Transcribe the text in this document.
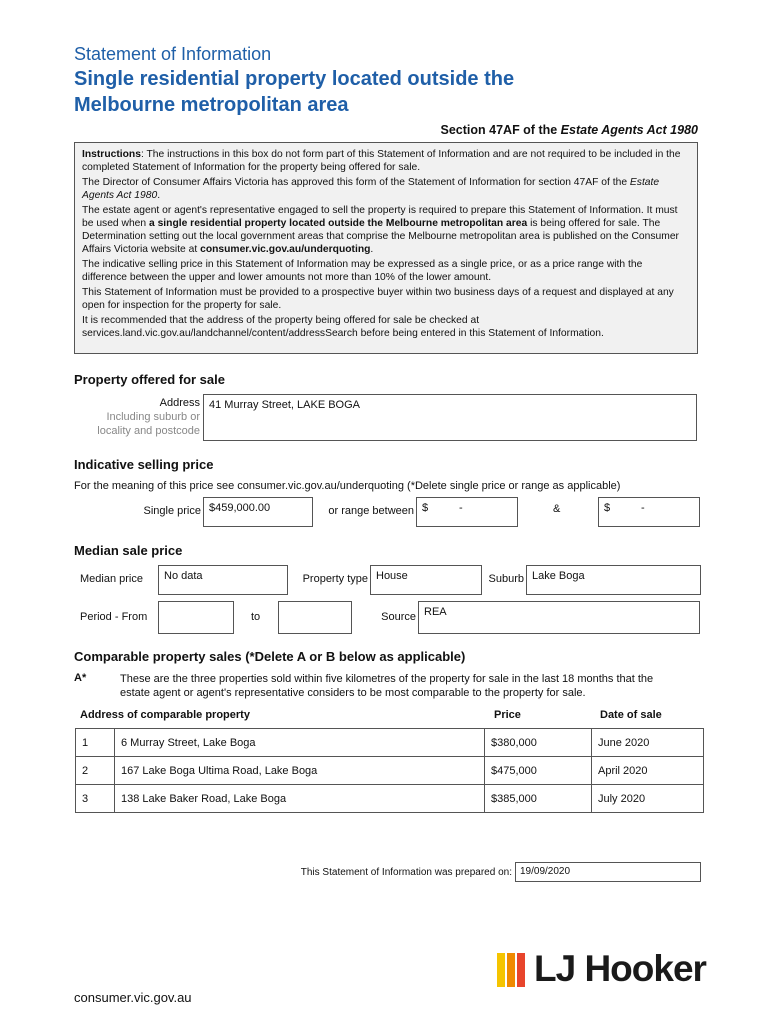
Statement of Information
Single residential property located outside the
Melbourne metropolitan area
Section 47AF of the Estate Agents Act 1980

Instructions: The instructions in this box do not form part of this Statement of Information and are not required to be included in the completed Statement of Information for the property being offered for sale.

The Director of Consumer Affairs Victoria has approved this form of the Statement of Information for section 47AF of the Estate Agents Act 1980.

The estate agent or agent's representative engaged to sell the property is required to prepare this Statement of Information. It must be used when a single residential property located outside the Melbourne metropolitan area is being offered for sale. The Determination setting out the local government areas that comprise the Melbourne metropolitan area is published on the Consumer Affairs Victoria website at consumer.vic.gov.au/underquoting.

The indicative selling price in this Statement of Information may be expressed as a single price, or as a price range with the difference between the upper and lower amounts not more than 10% of the lower amount.

This Statement of Information must be provided to a prospective buyer within two business days of a request and displayed at any open for inspection for the property for sale.

It is recommended that the address of the property being offered for sale be checked at services.land.vic.gov.au/landchannel/content/addressSearch before being entered in this Statement of Information.

Property offered for sale
Address
Including suburb or
locality and postcode
41 Murray Street, LAKE BOGA
Indicative selling price
For the meaning of this price see consumer.vic.gov.au/underquoting (*Delete single price or range as applicable)
Single price $459,000.00	or range between $	-	&	$	-
Median sale price
Median price	No data	Property type House	Suburb Lake Boga
Period - From	to	Source REA
Comparable property sales (*Delete A or B below as applicable)
A*	These are the three properties sold within five kilometres of the property for sale in the last 18 months that the
estate agent or agent's representative considers to be most comparable to the property for sale.
Address of comparable property	Price	Date of sale
1	6 Murray Street, Lake Boga	$380,000	June 2020
2	167 Lake Boga Ultima Road, Lake Boga	$475,000	April 2020
3	138 Lake Baker Road, Lake Boga	$385,000	July 2020
This Statement of Information was prepared on: 19/09/2020
LJ Hooker
consumer.vic.gov.au
